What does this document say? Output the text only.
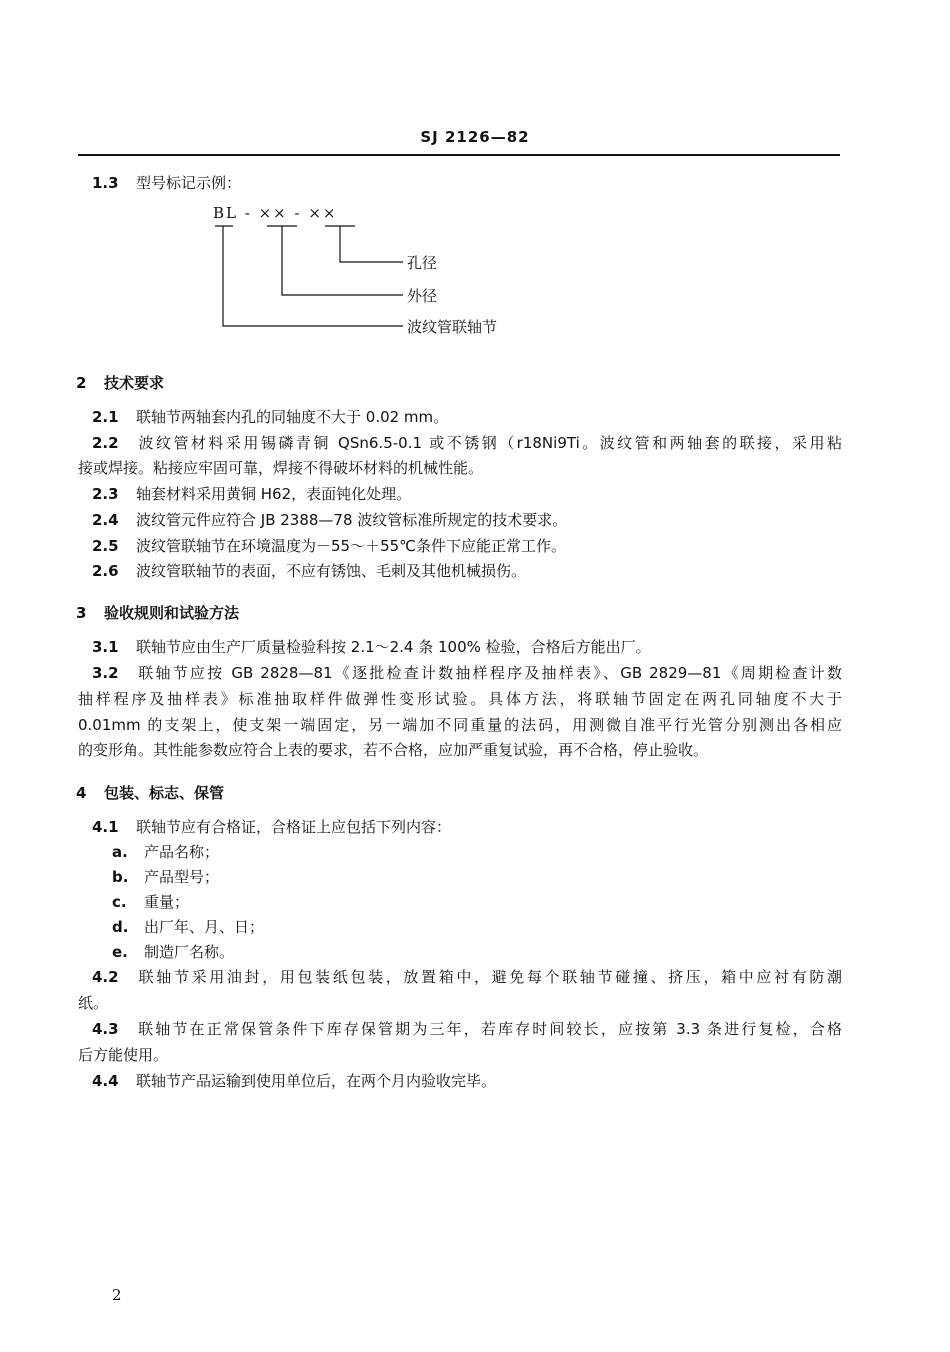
SJ 2126—82
1.3 型号标记示例：
BL - ×× - ××
孔径
外径
波纹管联轴节
2 技术要求
2.1 联轴节两轴套内孔的同轴度不大于 0.02 mm。
2.2 波纹管材料采用锡磷青铜 QSn6.5-0.1 或不锈钢（r18Ni9Ti。波纹管和两轴套的联接，采用粘
接或焊接。粘接应牢固可靠，焊接不得破坏材料的机械性能。
2.3 轴套材料采用黄铜 H62，表面钝化处理。
2.4 波纹管元件应符合 JB 2388—78 波纹管标准所规定的技术要求。
2.5 波纹管联轴节在环境温度为－55～＋55℃条件下应能正常工作。
2.6 波纹管联轴节的表面，不应有锈蚀、毛刺及其他机械损伤。
3 验收规则和试验方法
3.1 联轴节应由生产厂质量检验科按 2.1～2.4 条 100% 检验，合格后方能出厂。
3.2 联轴节应按 GB 2828—81《逐批检查计数抽样程序及抽样表》、GB 2829—81《周期检查计数
抽样程序及抽样表》标准抽取样件做弹性变形试验。具体方法，将联轴节固定在两孔同轴度不大于
0.01mm 的支架上，使支架一端固定，另一端加不同重量的法码，用测微自准平行光管分别测出各相应
的变形角。其性能参数应符合上表的要求，若不合格，应加严重复试验，再不合格，停止验收。
4 包装、标志、保管
4.1 联轴节应有合格证，合格证上应包括下列内容：
a. 产品名称；
b. 产品型号；
c. 重量；
d. 出厂年、月、日；
e. 制造厂名称。
4.2 联轴节采用油封，用包装纸包装，放置箱中，避免每个联轴节碰撞、挤压，箱中应衬有防潮
纸。
4.3 联轴节在正常保管条件下库存保管期为三年，若库存时间较长，应按第 3.3 条进行复检，合格
后方能使用。
4.4 联轴节产品运输到使用单位后，在两个月内验收完毕。
2
